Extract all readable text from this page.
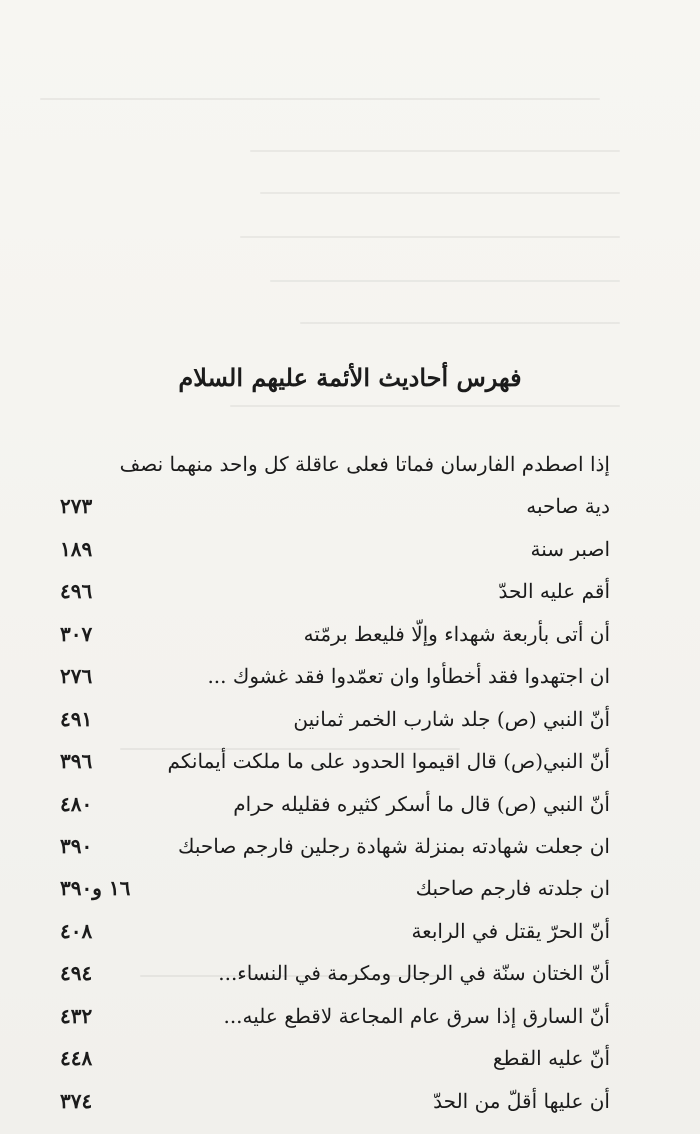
فهرس أحاديث الأئمة عليهم السلام
إذا اصطدم الفارسان فماتا فعلى عاقلة كل واحد منهما نصف
دية صاحبه
٢٧٣
اصبر سنة
١٨٩
أقم عليه الحدّ
٤٩٦
أن أتى بأربعة شهداء وإلّا فليعط برمّته
٣٠٧
ان اجتهدوا فقد أخطأوا وان تعمّدوا فقد غشوك ...
٢٧٦
أنّ النبي (ص) جلد شارب الخمر ثمانين
٤٩١
أنّ النبي(ص) قال اقيموا الحدود على ما ملكت أيمانكم
٣٩٦
أنّ النبي (ص) قال ما أسكر كثيره فقليله حرام
٤٨٠
ان جعلت شهادته بمنزلة شهادة رجلين فارجم صاحبك
٣٩٠
ان جلدته فارجم صاحبك
١٦ و٣٩٠
أنّ الحرّ يقتل في الرابعة
٤٠٨
أنّ الختان سنّة في الرجال ومكرمة في النساء...
٤٩٤
أنّ السارق إذا سرق عام المجاعة لاقطع عليه...
٤٣٢
أنّ عليه القطع
٤٤٨
أن عليها أقلّ من الحدّ
٣٧٤
